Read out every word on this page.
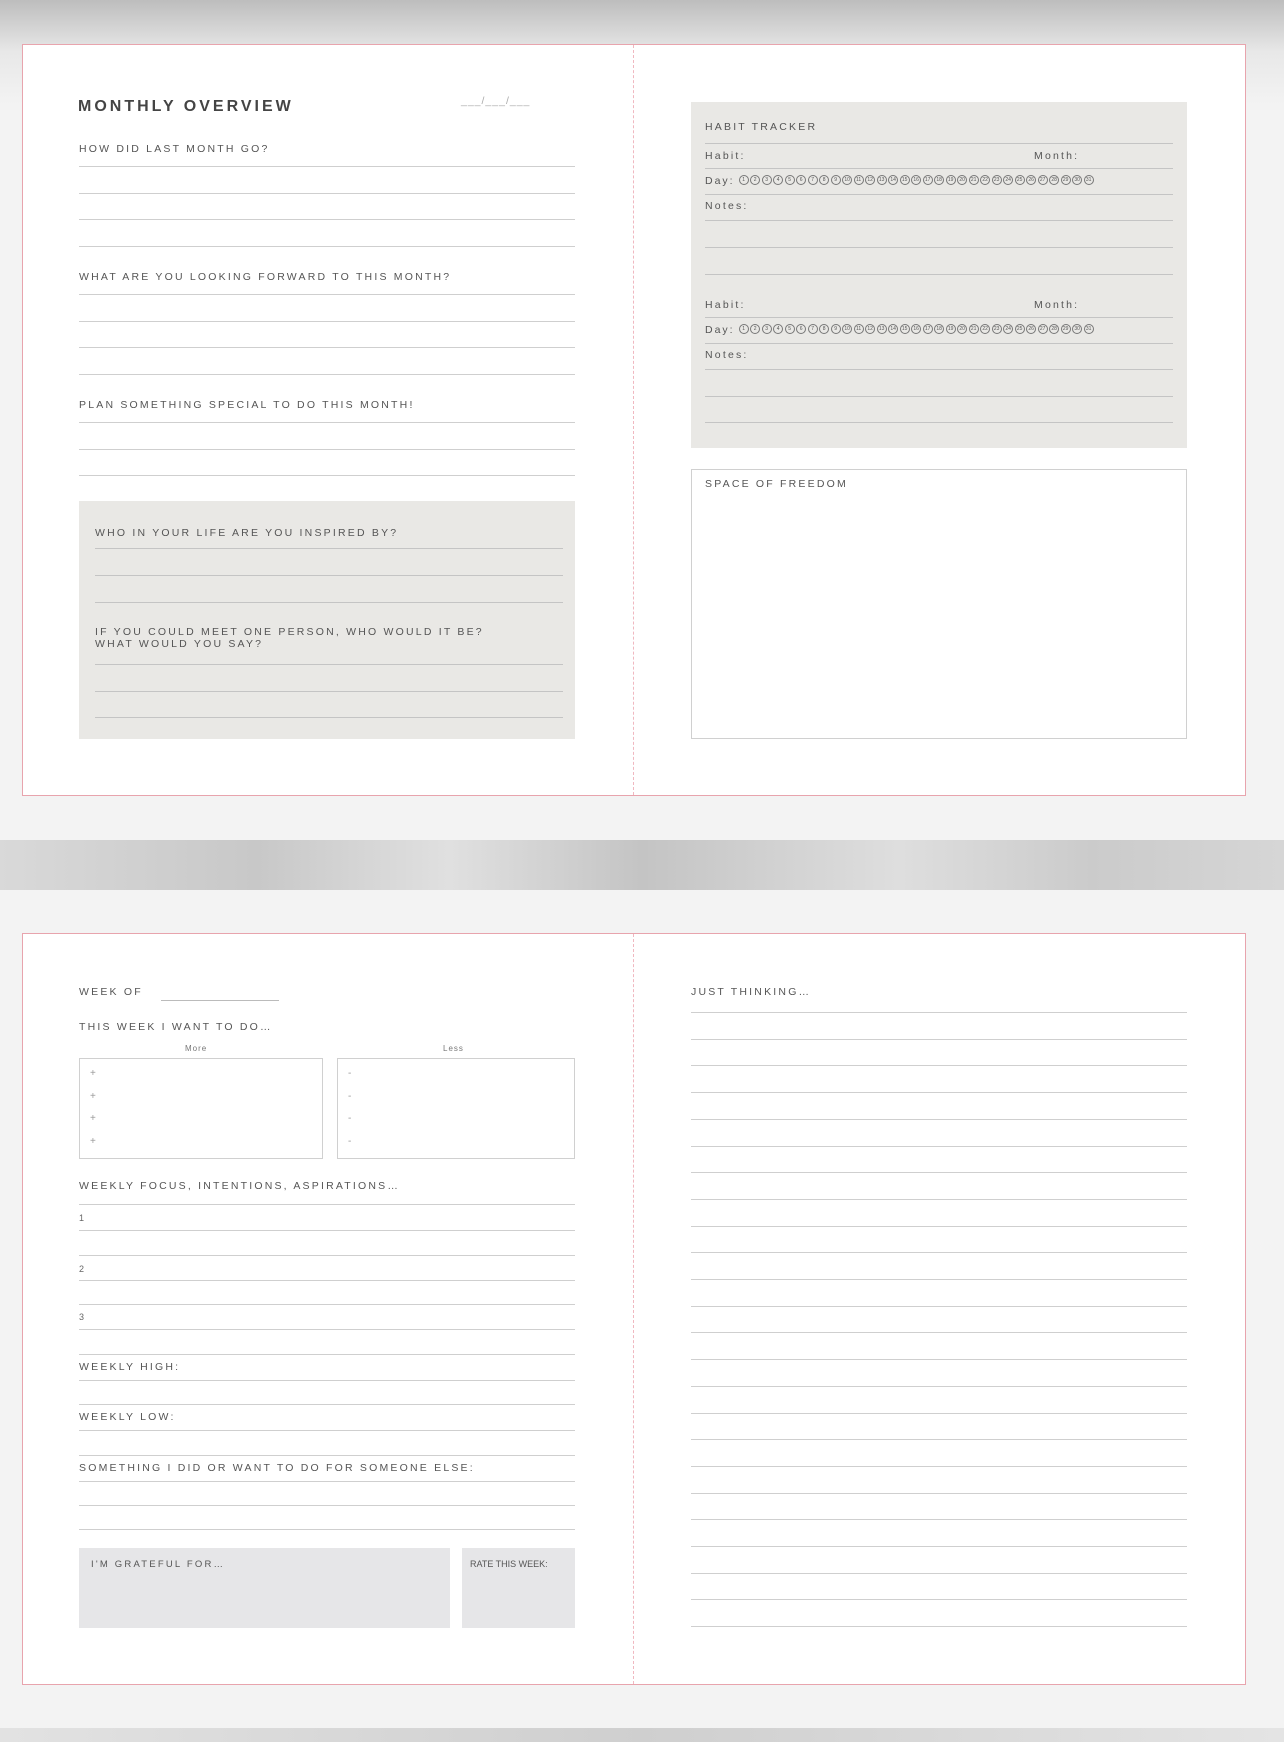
MONTHLY OVERVIEW	___/___/___
HOW DID LAST MONTH GO?
WHAT ARE YOU LOOKING FORWARD TO THIS MONTH?
PLAN SOMETHING SPECIAL TO DO THIS MONTH!
WHO IN YOUR LIFE ARE YOU INSPIRED BY?
IF YOU COULD MEET ONE PERSON, WHO WOULD IT BE?
WHAT WOULD YOU SAY?
HABIT TRACKER
Habit:	Month:
Day:	1 2 3 4 5 6 7 8 9 10 11 12 13 14 15 16 17 18 19 20 21 22 23 24 25 26 27 28 29 30 31
Notes:
Habit:	Month:
Day:	1 2 3 4 5 6 7 8 9 10 11 12 13 14 15 16 17 18 19 20 21 22 23 24 25 26 27 28 29 30 31
Notes:
SPACE OF FREEDOM
WEEK OF
THIS WEEK I WANT TO DO…
More	Less
+
+
+
+
-
-
-
-
WEEKLY FOCUS, INTENTIONS, ASPIRATIONS…
1
2
3
WEEKLY HIGH:
WEEKLY LOW:
SOMETHING I DID OR WANT TO DO FOR SOMEONE ELSE:
I'M GRATEFUL FOR…	RATE THIS WEEK:
JUST THINKING…
